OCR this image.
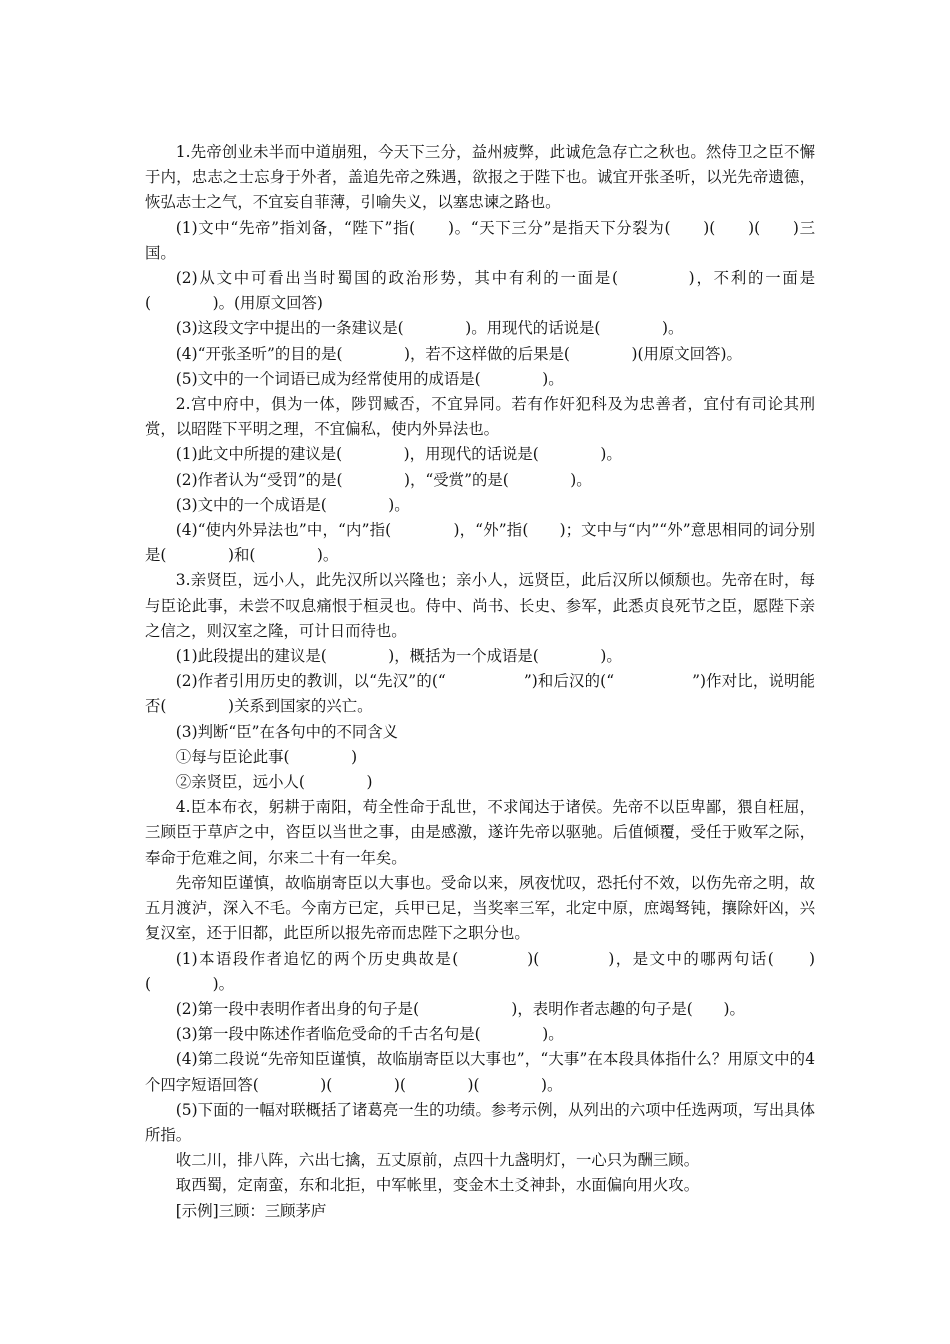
1.先帝创业未半而中道崩殂，今天下三分，益州疲弊，此诚危急存亡之秋也。然侍卫之臣不懈于内，忠志之士忘身于外者，盖追先帝之殊遇，欲报之于陛下也。诚宜开张圣听，以光先帝遗德，恢弘志士之气，不宜妄自菲薄，引喻失义，以塞忠谏之路也。

(1)文中“先帝”指刘备，“陛下”指(　　)。“天下三分”是指天下分裂为(　　)(　　)(　　)三国。

(2)从文中可看出当时蜀国的政治形势，其中有利的一面是(　　　　)，不利的一面是(　　　　)。(用原文回答)

(3)这段文字中提出的一条建议是(　　　　)。用现代的话说是(　　　　)。

(4)“开张圣听”的目的是(　　　　)，若不这样做的后果是(　　　　)(用原文回答)。

(5)文中的一个词语已成为经常使用的成语是(　　　　)。

2.宫中府中，俱为一体，陟罚臧否，不宜异同。若有作奸犯科及为忠善者，宜付有司论其刑赏，以昭陛下平明之理，不宜偏私，使内外异法也。

(1)此文中所提的建议是(　　　　)，用现代的话说是(　　　　)。

(2)作者认为“受罚”的是(　　　　)，“受赏”的是(　　　　)。

(3)文中的一个成语是(　　　　)。

(4)“使内外异法也”中，“内”指(　　　　)，“外”指(　　)；文中与“内”“外”意思相同的词分别是(　　　　)和(　　　　)。

3.亲贤臣，远小人，此先汉所以兴隆也；亲小人，远贤臣，此后汉所以倾颓也。先帝在时，每与臣论此事，未尝不叹息痛恨于桓灵也。侍中、尚书、长史、参军，此悉贞良死节之臣，愿陛下亲之信之，则汉室之隆，可计日而待也。

(1)此段提出的建议是(　　　　)，概括为一个成语是(　　　　)。

(2)作者引用历史的教训，以“先汉”的(“　　　　　”)和后汉的(“　　　　　”)作对比，说明能否(　　　　)关系到国家的兴亡。

(3)判断“臣”在各句中的不同含义

①每与臣论此事(　　　　)

②亲贤臣，远小人(　　　　)

4.臣本布衣，躬耕于南阳，苟全性命于乱世，不求闻达于诸侯。先帝不以臣卑鄙，猥自枉屈，三顾臣于草庐之中，咨臣以当世之事，由是感激，遂许先帝以驱驰。后值倾覆，受任于败军之际，奉命于危难之间，尔来二十有一年矣。

先帝知臣谨慎，故临崩寄臣以大事也。受命以来，夙夜忧叹，恐托付不效，以伤先帝之明，故五月渡泸，深入不毛。今南方已定，兵甲已足，当奖率三军，北定中原，庶竭驽钝，攘除奸凶，兴复汉室，还于旧都，此臣所以报先帝而忠陛下之职分也。

(1)本语段作者追忆的两个历史典故是(　　　　)(　　　　)，是文中的哪两句话(　　)(　　　　)。

(2)第一段中表明作者出身的句子是(　　　　　　)，表明作者志趣的句子是(　　)。

(3)第一段中陈述作者临危受命的千古名句是(　　　　)。

(4)第二段说“先帝知臣谨慎，故临崩寄臣以大事也”，“大事”在本段具体指什么？用原文中的4个四字短语回答(　　　　)(　　　　)(　　　　)(　　　　)。

(5)下面的一幅对联概括了诸葛亮一生的功绩。参考示例，从列出的六项中任选两项，写出具体所指。

收二川，排八阵，六出七擒，五丈原前，点四十九盏明灯，一心只为酬三顾。

取西蜀，定南蛮，东和北拒，中军帐里，变金木土爻神卦，水面偏向用火攻。

[示例]三顾：三顾茅庐
